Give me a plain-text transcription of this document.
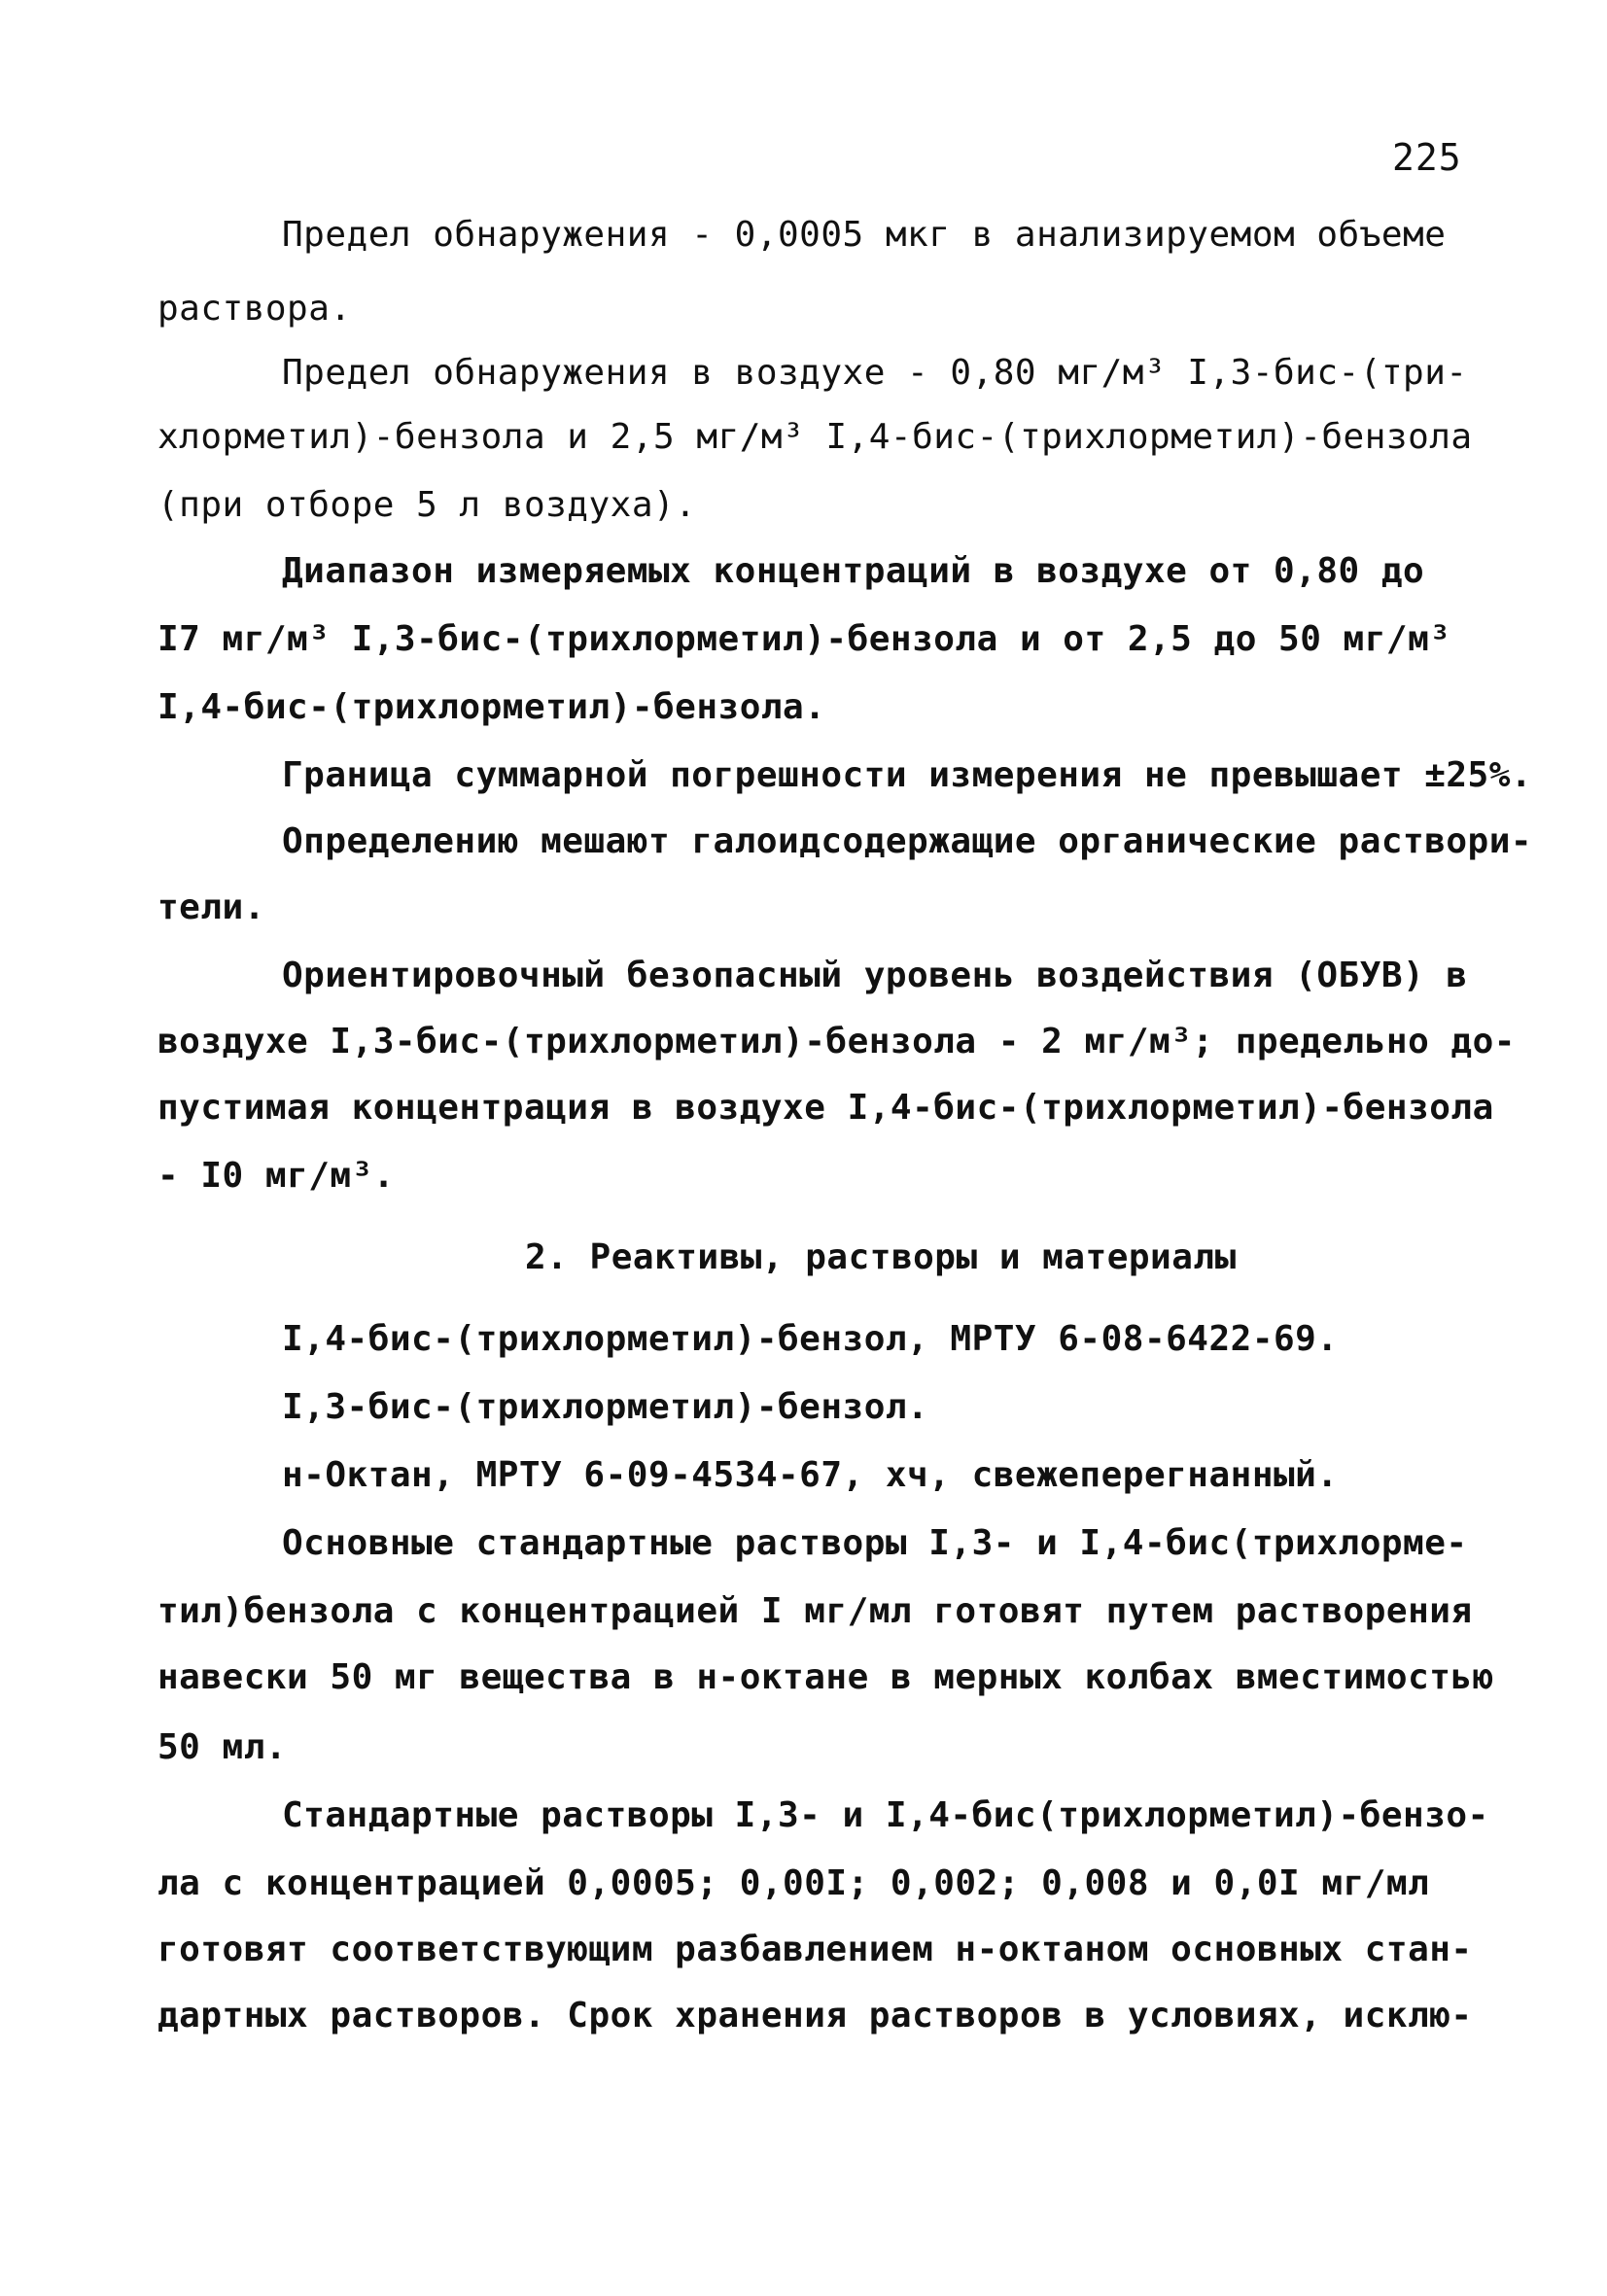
225
Предел обнаружения - 0,0005 мкг в анализируемом объеме
раствора.
Предел обнаружения в воздухе - 0,80 мг/м³ I,3-бис-(три-
хлорметил)-бензола и 2,5 мг/м³ I,4-бис-(трихлорметил)-бензола
(при отборе 5 л воздуха).
Диапазон измеряемых концентраций в воздухе от 0,80 до
I7 мг/м³ I,3-бис-(трихлорметил)-бензола и от 2,5 до 50 мг/м³
I,4-бис-(трихлорметил)-бензола.
Граница суммарной погрешности измерения не превышает ±25%.
Определению мешают галоидсодержащие органические раствори-
тели.
Ориентировочный безопасный уровень воздействия (ОБУВ) в
воздухе I,3-бис-(трихлорметил)-бензола - 2 мг/м³; предельно до-
пустимая концентрация в воздухе I,4-бис-(трихлорметил)-бензола
- I0 мг/м³.
2. Реактивы, растворы и материалы
I,4-бис-(трихлорметил)-бензол, МРТУ 6-08-6422-69.
I,3-бис-(трихлорметил)-бензол.
н-Октан, МРТУ 6-09-4534-67, хч, свежеперегнанный.
Основные стандартные растворы I,3- и I,4-бис(трихлорме-
тил)бензола с концентрацией I мг/мл готовят путем растворения
навески 50 мг вещества в н-октане в мерных колбах вместимостью
50 мл.
Стандартные растворы I,3- и I,4-бис(трихлорметил)-бензо-
ла с концентрацией 0,0005; 0,00I; 0,002; 0,008 и 0,0I мг/мл
готовят соответствующим разбавлением н-октаном основных стан-
дартных растворов. Срок хранения растворов в условиях, исклю-
